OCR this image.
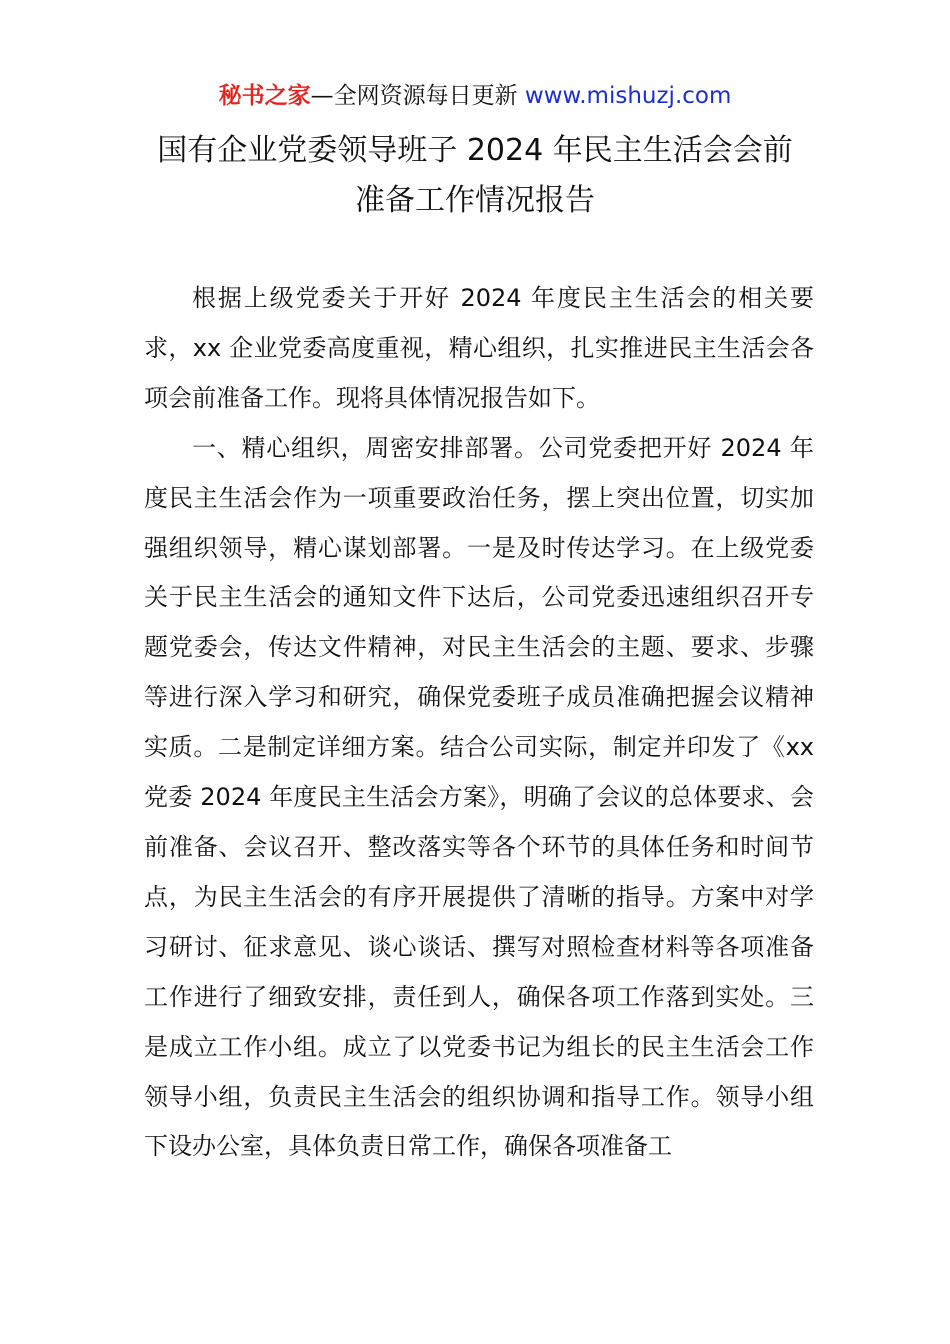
秘书之家—全网资源每日更新 www.mishuzj.com
国有企业党委领导班子 2024 年民主生活会会前
准备工作情况报告

根据上级党委关于开好 2024 年度民主生活会的相关要求，xx 企业党委高度重视，精心组织，扎实推进民主生活会各项会前准备工作。现将具体情况报告如下。

一、精心组织，周密安排部署。公司党委把开好 2024 年度民主生活会作为一项重要政治任务，摆上突出位置，切实加强组织领导，精心谋划部署。一是及时传达学习。在上级党委关于民主生活会的通知文件下达后，公司党委迅速组织召开专题党委会，传达文件精神，对民主生活会的主题、要求、步骤等进行深入学习和研究，确保党委班子成员准确把握会议精神实质。二是制定详细方案。结合公司实际，制定并印发了《xx 党委 2024 年度民主生活会方案》，明确了会议的总体要求、会前准备、会议召开、整改落实等各个环节的具体任务和时间节点，为民主生活会的有序开展提供了清晰的指导。方案中对学习研讨、征求意见、谈心谈话、撰写对照检查材料等各项准备工作进行了细致安排，责任到人，确保各项工作落到实处。三是成立工作小组。成立了以党委书记为组长的民主生活会工作领导小组，负责民主生活会的组织协调和指导工作。领导小组下设办公室，具体负责日常工作，确保各项准备工
